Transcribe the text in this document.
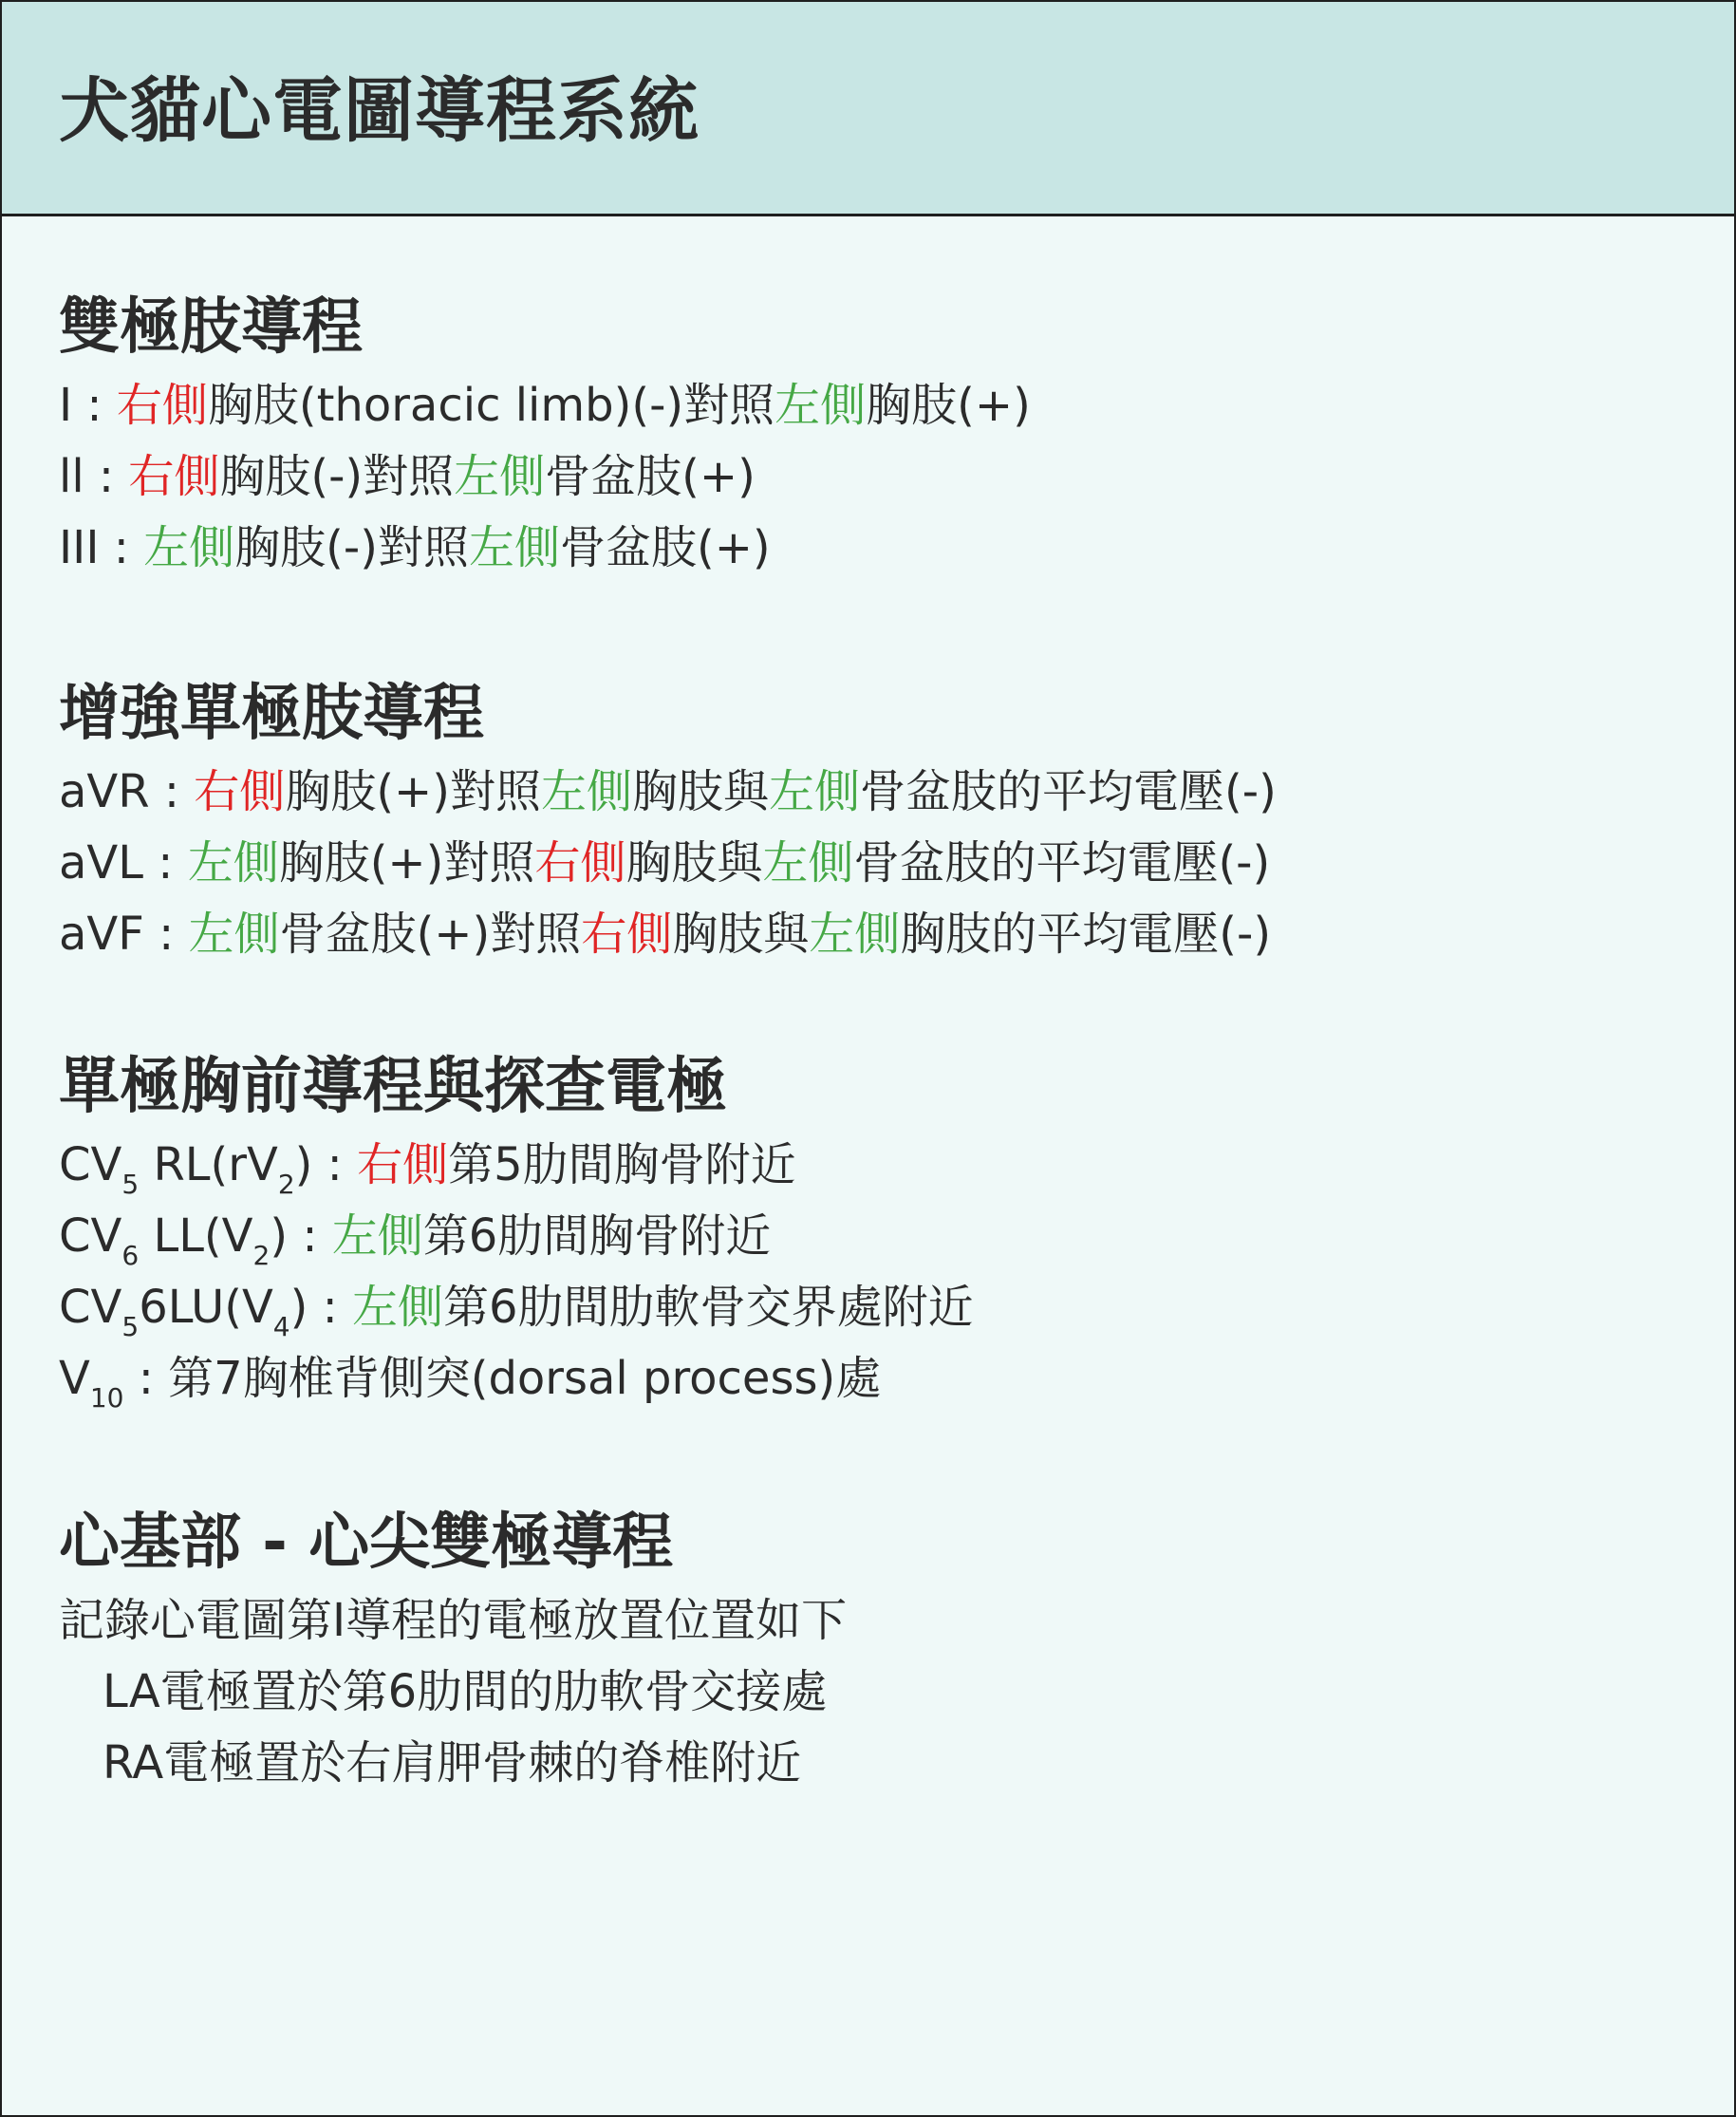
犬貓心電圖導程系統
雙極肢導程
I : 右側胸肢(thoracic limb)(-)對照左側胸肢(+)
ll : 右側胸肢(-)對照左側骨盆肢(+)
III : 左側胸肢(-)對照左側骨盆肢(+)
增強單極肢導程
aVR : 右側胸肢(+)對照左側胸肢與左側骨盆肢的平均電壓(-)
aVL : 左側胸肢(+)對照右側胸肢與左側骨盆肢的平均電壓(-)
aVF : 左側骨盆肢(+)對照右側胸肢與左側胸肢的平均電壓(-)
單極胸前導程與探查電極
$CV_5$ $RL(rV_2)$ : 右側第5肋間胸骨附近
$CV_6$ $LL(V_2)$ : 左側第6肋間胸骨附近
$CV_56LU(V_4)$ : 左側第6肋間肋軟骨交界處附近
$V_{10}$ : 第7胸椎背側突(dorsal process)處
心基部 - 心尖雙極導程
記錄心電圖第I導程的電極放置位置如下
LA電極置於第6肋間的肋軟骨交接處
RA電極置於右肩胛骨棘的脊椎附近
